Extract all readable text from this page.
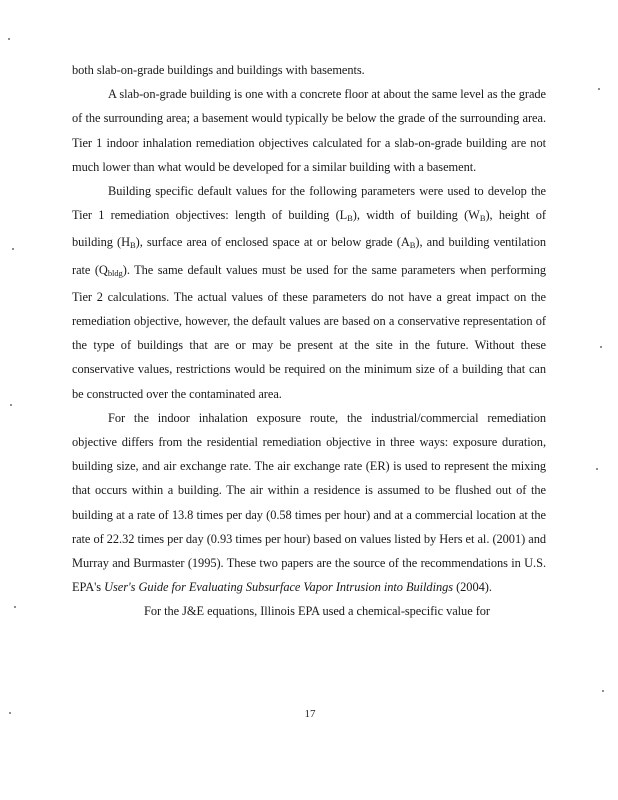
both slab-on-grade buildings and buildings with basements.

A slab-on-grade building is one with a concrete floor at about the same level as the grade of the surrounding area; a basement would typically be below the grade of the surrounding area. Tier 1 indoor inhalation remediation objectives calculated for a slab-on-grade building are not much lower than what would be developed for a similar building with a basement.

Building specific default values for the following parameters were used to develop the Tier 1 remediation objectives: length of building $(L_B)$, width of building $(W_B)$, height of building $(H_B)$, surface area of enclosed space at or below grade $(A_B)$, and building ventilation rate $(Q_{bldg})$. The same default values must be used for the same parameters when performing Tier 2 calculations. The actual values of these parameters do not have a great impact on the remediation objective, however, the default values are based on a conservative representation of the type of buildings that are or may be present at the site in the future. Without these conservative values, restrictions would be required on the minimum size of a building that can be constructed over the contaminated area.

For the indoor inhalation exposure route, the industrial/commercial remediation objective differs from the residential remediation objective in three ways: exposure duration, building size, and air exchange rate. The air exchange rate (ER) is used to represent the mixing that occurs within a building. The air within a residence is assumed to be flushed out of the building at a rate of 13.8 times per day (0.58 times per hour) and at a commercial location at the rate of 22.32 times per day (0.93 times per hour) based on values listed by Hers et al. (2001) and Murray and Burmaster (1995). These two papers are the source of the recommendations in U.S. EPA's User's Guide for Evaluating Subsurface Vapor Intrusion into Buildings (2004).

For the J&E equations, Illinois EPA used a chemical-specific value for

17
